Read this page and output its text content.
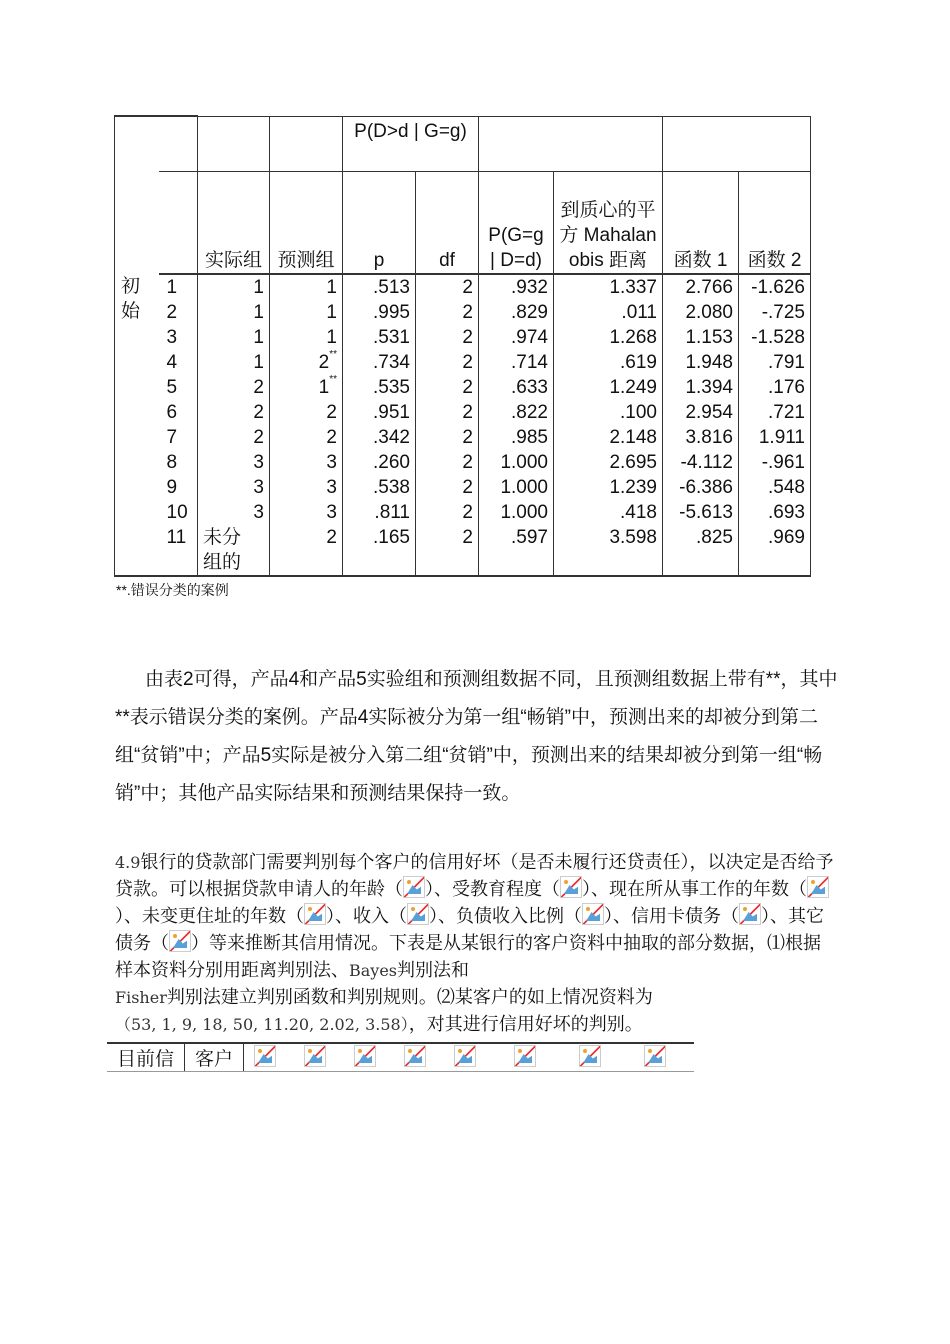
				P(D>d | G=g)					
		实际组	预测组	p	df	P(G=g | D=d)	到质心的平方 Mahalanobis 距离	函数 1	函数 2
初始	1	1	1	.513	2	.932	1.337	2.766	-1.626
	2	1	1	.995	2	.829	.011	2.080	-.725
	3	1	1	.531	2	.974	1.268	1.153	-1.528
	4	1	2**	.734	2	.714	.619	1.948	.791
	5	2	1**	.535	2	.633	1.249	1.394	.176
	6	2	2	.951	2	.822	.100	2.954	.721
	7	2	2	.342	2	.985	2.148	3.816	1.911
	8	3	3	.260	2	1.000	2.695	-4.112	-.961
	9	3	3	.538	2	1.000	1.239	-6.386	.548
	10	3	3	.811	2	1.000	.418	-5.613	.693
	11	未分组的	2	.165	2	.597	3.598	.825	.969
**.错误分类的案例

由表2可得，产品4和产品5实验组和预测组数据不同，且预测组数据上带有**，其中**表示错误分类的案例。产品4实际被分为第一组“畅销”中，预测出来的却被分到第二组“贫销”中；产品5实际是被分入第二组“贫销”中，预测出来的结果却被分到第一组“畅销”中；其他产品实际结果和预测结果保持一致。

4.9银行的贷款部门需要判别每个客户的信用好坏（是否未履行还贷责任），以决定是否给予贷款。可以根据贷款申请人的年龄（ ）、受教育程度（ ）、现在所从事工作的年数（）、未变更住址的年数（ ）、收入（ ）、负债收入比例（ ）、信用卡债务（ ）、其它债务（ ）等来推断其信用情况。下表是从某银行的客户资料中抽取的部分数据，⑴根据样本资料分别用距离判别法、Bayes判别法和
Fisher判别法建立判别函数和判别规则。⑵某客户的如上情况资料为
（53, 1, 9, 18, 50, 11.20, 2.02, 3.58），对其进行信用好坏的判别。

目前信	客户								
